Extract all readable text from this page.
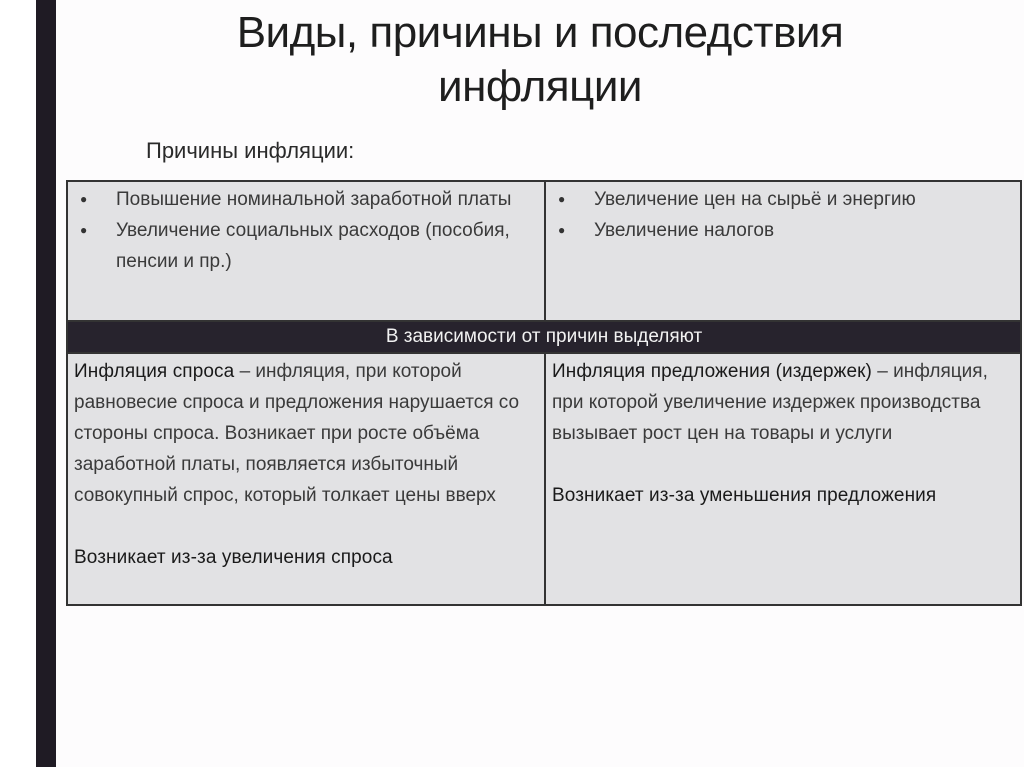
Виды, причины и последствия
инфляции
Причины инфляции:
● Повышение номинальной заработной платы
● Увеличение социальных расходов (пособия, пенсии и пр.)
● Увеличение цен на сырьё и энергию
● Увеличение налогов
В зависимости от причин выделяют
Инфляция спроса – инфляция, при которой равновесие спроса и предложения нарушается со стороны спроса. Возникает при росте объёма заработной платы, появляется избыточный совокупный спрос, который толкает цены вверх
Возникает из-за увеличения спроса
Инфляция предложения (издержек) – инфляция, при которой увеличение издержек производства вызывает рост цен на товары и услуги
Возникает из-за уменьшения предложения
